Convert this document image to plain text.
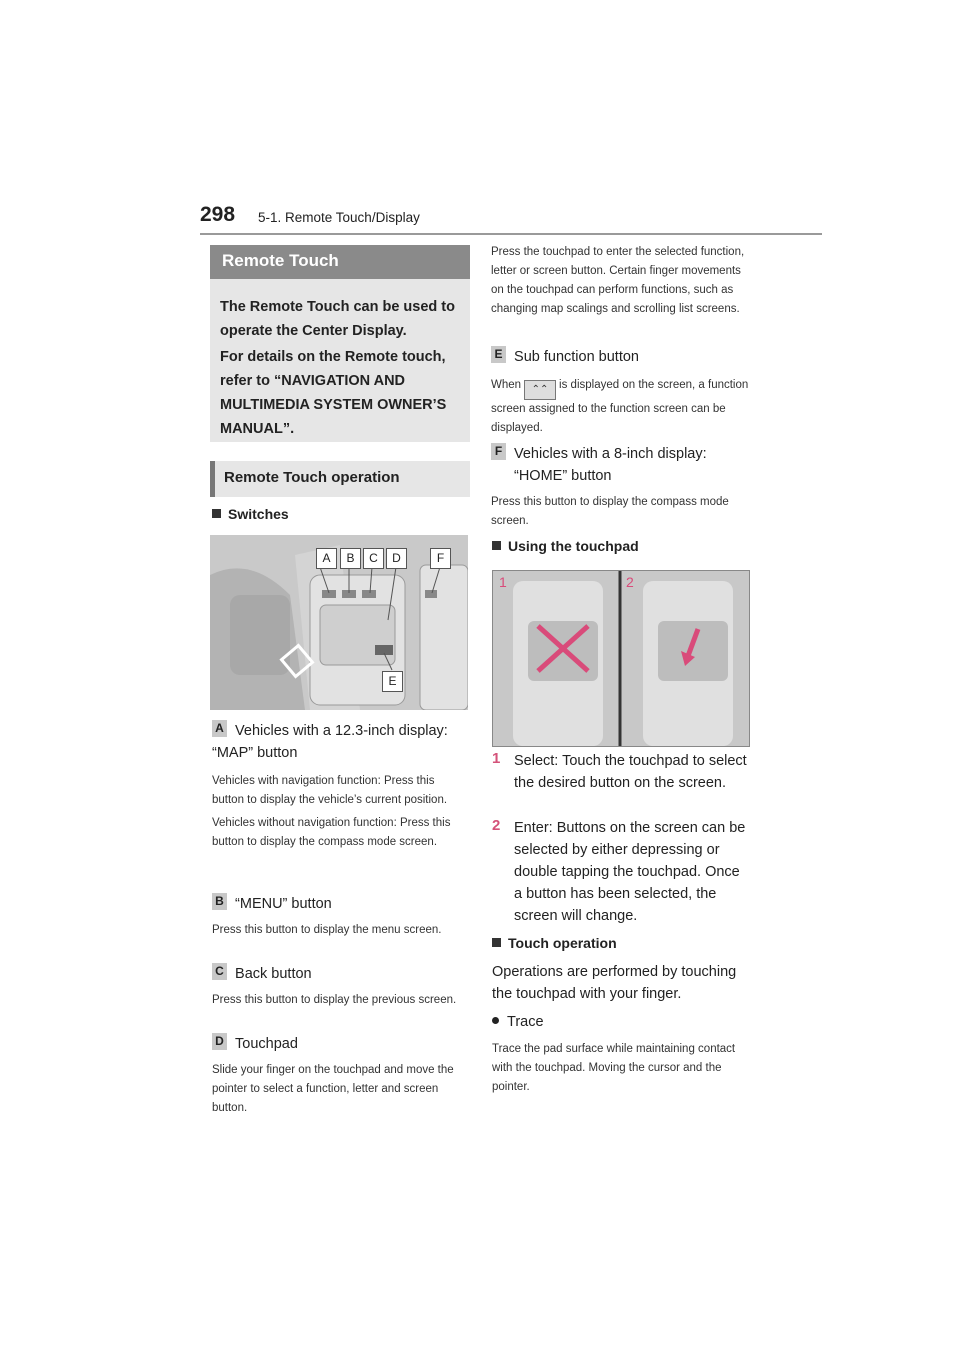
298 5-1. Remote Touch/Display
Remote Touch

The Remote Touch can be used to operate the Center Display.

For details on the Remote touch, refer to “NAVIGATION AND MULTIMEDIA SYSTEM OWNER’S MANUAL”.

Remote Touch operation
Switches
A	B	C	D	F
E
A Vehicles with a 12.3-inch display: “MAP” button

Vehicles with navigation function: Press this button to display the vehicle’s current position.

Vehicles without navigation function: Press this button to display the compass mode screen.

B “MENU” button

Press this button to display the menu screen.

C Back button

Press this button to display the previous screen.

D Touchpad

Slide your finger on the touchpad and move the pointer to select a function, letter and screen button.

Press the touchpad to enter the selected function, letter or screen button. Certain finger movements on the touchpad can perform functions, such as changing map scalings and scrolling list screens.

E Sub function button

When ⌃⌃ is displayed on the screen, a function screen assigned to the function screen can be displayed.

F Vehicles with a 8-inch display: “HOME” button

Press this button to display the compass mode screen.

Using the touchpad
1	2
1 Select: Touch the touchpad to select the desired button on the screen.
2 Enter: Buttons on the screen can be selected by either depressing or double tapping the touchpad. Once a button has been selected, the screen will change.
Touch operation

Operations are performed by touching the touchpad with your finger.

Trace

Trace the pad surface while maintaining contact with the touchpad. Moving the cursor and the pointer.
